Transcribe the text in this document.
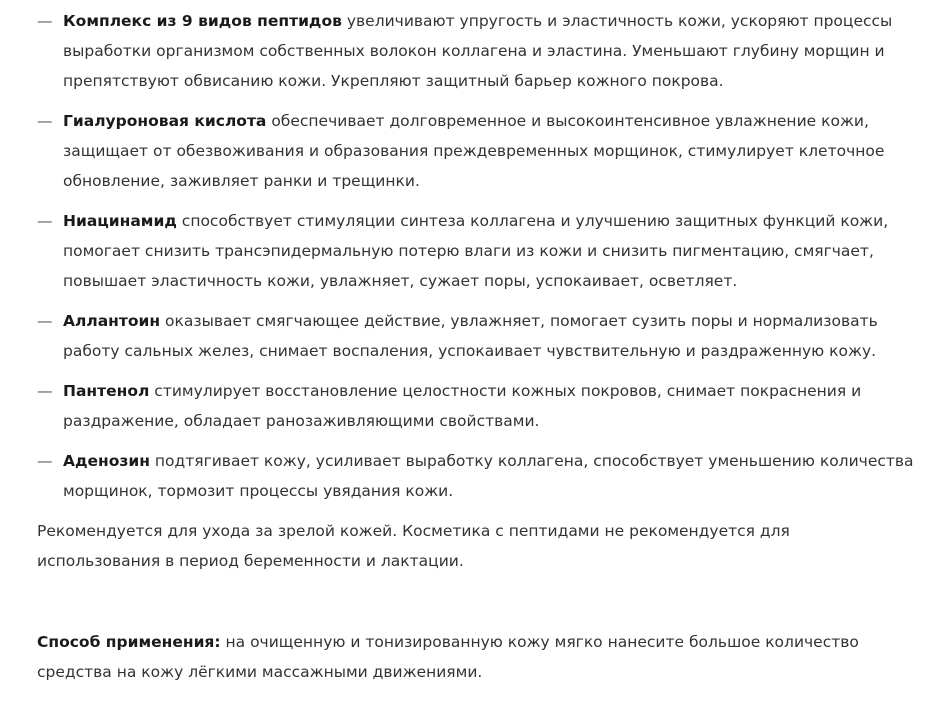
— Комплекс из 9 видов пептидов увеличивают упругость и эластичность кожи, ускоряют процессы выработки организмом собственных волокон коллагена и эластина. Уменьшают глубину морщин и препятствуют обвисанию кожи. Укрепляют защитный барьер кожного покрова.
— Гиалуроновая кислота обеспечивает долговременное и высокоинтенсивное увлажнение кожи, защищает от обезвоживания и образования преждевременных морщинок, стимулирует клеточное обновление, заживляет ранки и трещинки.
— Ниацинамид способствует стимуляции синтеза коллагена и улучшению защитных функций кожи, помогает снизить трансэпидермальную потерю влаги из кожи и снизить пигментацию, смягчает, повышает эластичность кожи, увлажняет, сужает поры, успокаивает, осветляет.
— Аллантоин оказывает смягчающее действие, увлажняет, помогает сузить поры и нормализовать работу сальных желез, снимает воспаления, успокаивает чувствительную и раздраженную кожу.
— Пантенол стимулирует восстановление целостности кожных покровов, снимает покраснения и раздражение, обладает ранозаживляющими свойствами.
— Аденозин подтягивает кожу, усиливает выработку коллагена, способствует уменьшению количества морщинок, тормозит процессы увядания кожи.

Рекомендуется для ухода за зрелой кожей. Косметика с пептидами не рекомендуется для использования в период беременности и лактации.

Способ применения: на очищенную и тонизированную кожу мягко нанесите большое количество средства на кожу лёгкими массажными движениями.
